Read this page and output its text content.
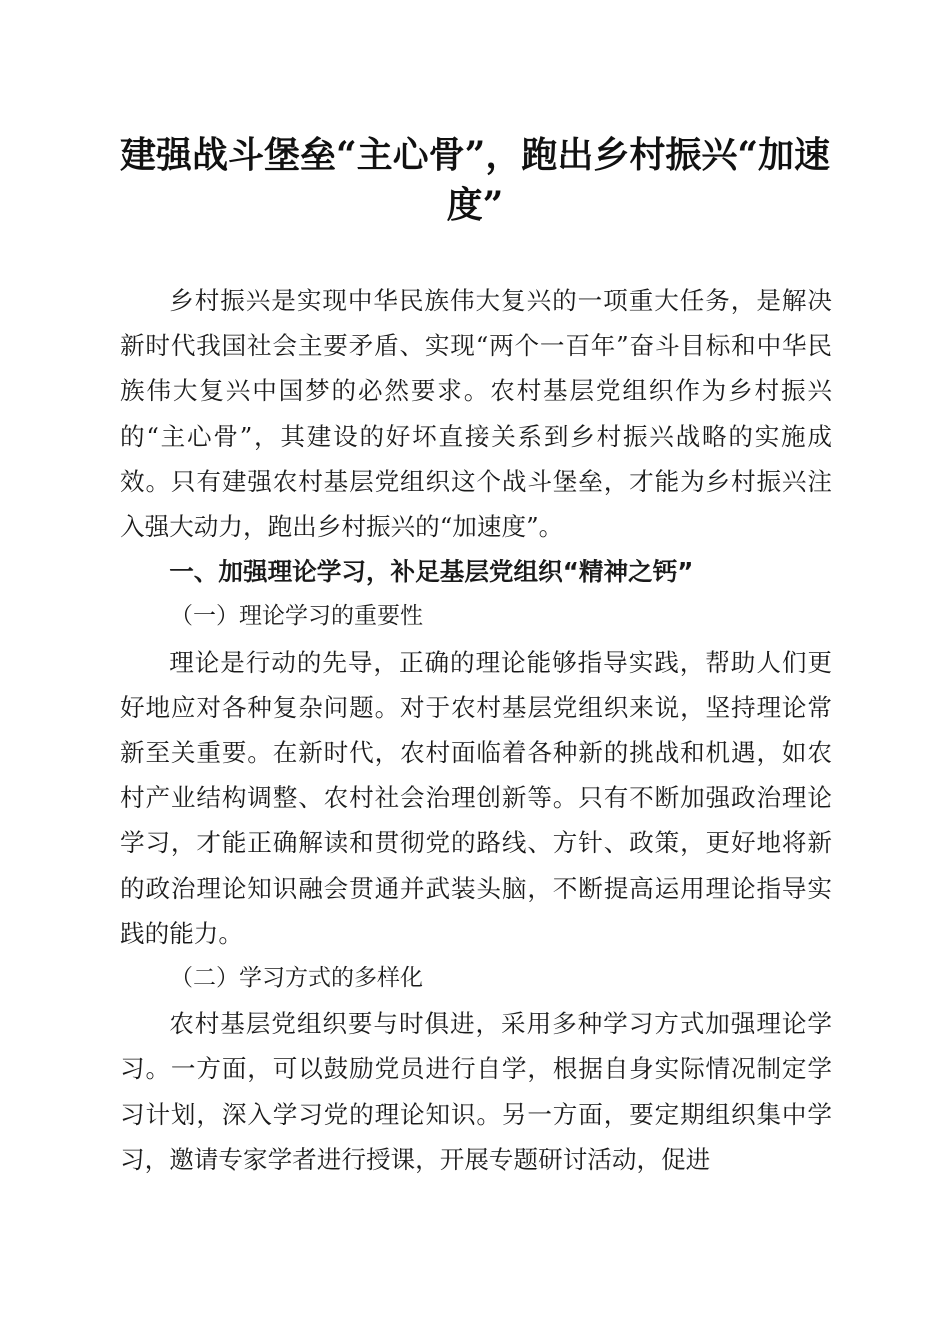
建强战斗堡垒“主心骨”，跑出乡村振兴“加速度”

乡村振兴是实现中华民族伟大复兴的一项重大任务，是解决新时代我国社会主要矛盾、实现“两个一百年”奋斗目标和中华民族伟大复兴中国梦的必然要求。农村基层党组织作为乡村振兴的“主心骨”，其建设的好坏直接关系到乡村振兴战略的实施成效。只有建强农村基层党组织这个战斗堡垒，才能为乡村振兴注入强大动力，跑出乡村振兴的“加速度”。

一、加强理论学习，补足基层党组织“精神之钙”

（一）理论学习的重要性

理论是行动的先导，正确的理论能够指导实践，帮助人们更好地应对各种复杂问题。对于农村基层党组织来说，坚持理论常新至关重要。在新时代，农村面临着各种新的挑战和机遇，如农村产业结构调整、农村社会治理创新等。只有不断加强政治理论学习，才能正确解读和贯彻党的路线、方针、政策，更好地将新的政治理论知识融会贯通并武装头脑，不断提高运用理论指导实践的能力。

（二）学习方式的多样化

农村基层党组织要与时俱进，采用多种学习方式加强理论学习。一方面，可以鼓励党员进行自学，根据自身实际情况制定学习计划，深入学习党的理论知识。另一方面，要定期组织集中学习，邀请专家学者进行授课，开展专题研讨活动，促进
